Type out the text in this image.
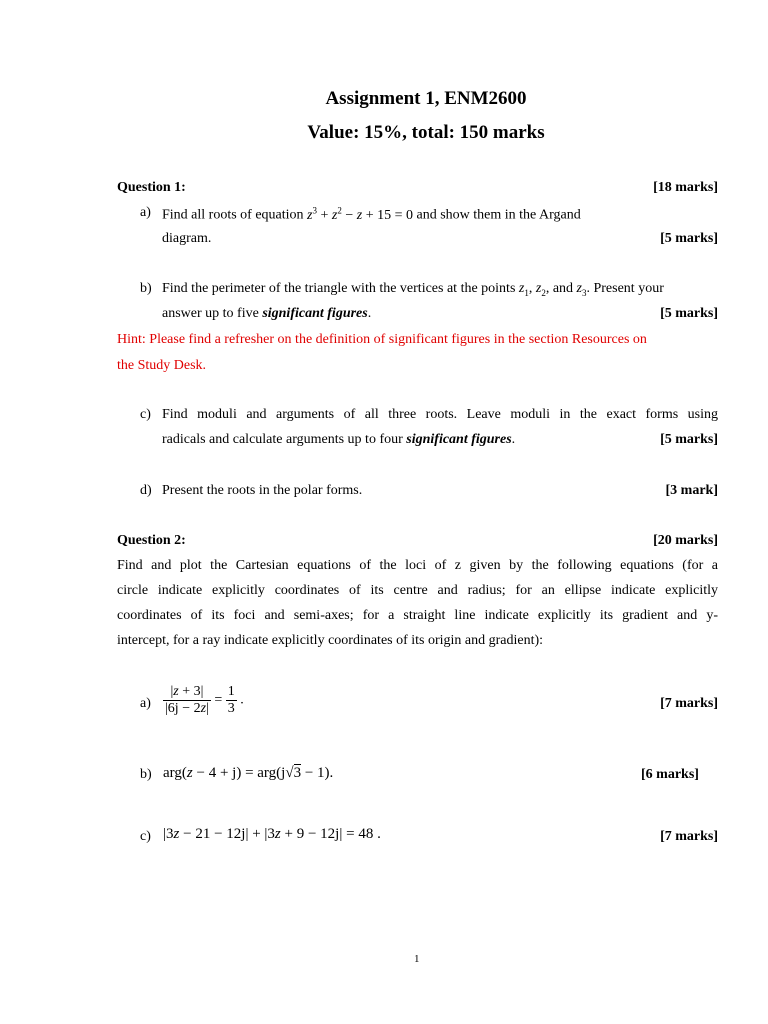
Assignment 1, ENM2600
Value: 15%, total: 150 marks
Question 1:	[18 marks]
a) Find all roots of equation $z^3 + z^2 - z + 15 = 0$ and show them in the Argand
diagram.	[5 marks]
b) Find the perimeter of the triangle with the vertices at the points $z_1$, $z_2$, and $z_3$. Present your
answer up to five significant figures.	[5 marks]
Hint: Please find a refresher on the definition of significant figures in the section Resources on
the Study Desk.
c) Find moduli and arguments of all three roots. Leave moduli in the exact forms using
radicals and calculate arguments up to four significant figures.	[5 marks]
d) Present the roots in the polar forms.	[3 mark]
Question 2:	[20 marks]
Find and plot the Cartesian equations of the loci of z given by the following equations (for a
circle indicate explicitly coordinates of its centre and radius; for an ellipse indicate explicitly
coordinates of its foci and semi-axes; for a straight line indicate explicitly its gradient and y-
intercept, for a ray indicate explicitly coordinates of its origin and gradient):
$a) \frac{|z + 3|}{|6j - 2z|} = \frac{1}{3}$ .	[7 marks]
b) arg(z − 4 + j) = arg(j√3 − 1).	[6 marks]
c) |3z − 21 − 12j| + |3z + 9 − 12j| = 48 .	[7 marks]
1
